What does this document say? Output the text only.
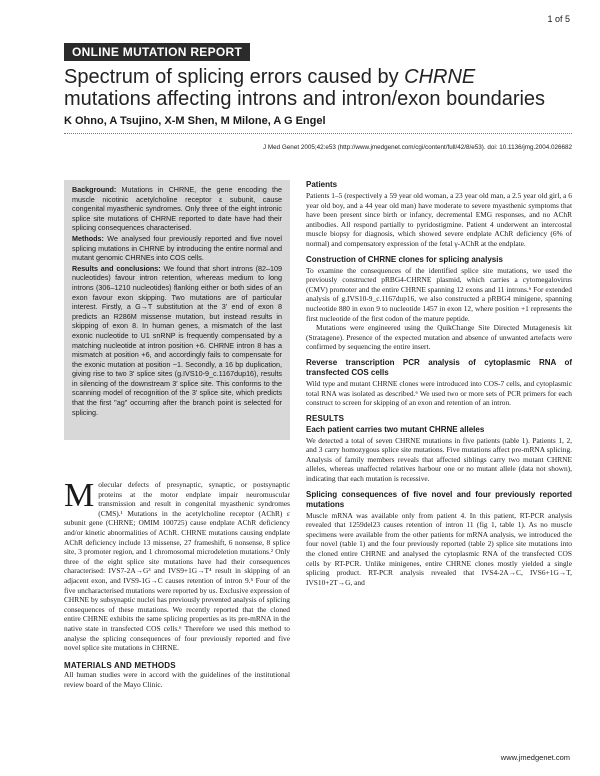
1 of 5
ONLINE MUTATION REPORT
Spectrum of splicing errors caused by CHRNE mutations affecting introns and intron/exon boundaries
K Ohno, A Tsujino, X-M Shen, M Milone, A G Engel
J Med Genet 2005;42:e53 (http://www.jmedgenet.com/cgi/content/full/42/8/e53). doi: 10.1136/jmg.2004.026682

Background: Mutations in CHRNE, the gene encoding the muscle nicotinic acetylcholine receptor ε subunit, cause congenital myasthenic syndromes. Only three of the eight intronic splice site mutations of CHRNE reported to date have had their splicing consequences characterised.

Methods: We analysed four previously reported and five novel splicing mutations in CHRNE by introducing the entire normal and mutant genomic CHRNEs into COS cells.

Results and conclusions: We found that short introns (82–109 nucleotides) favour intron retention, whereas medium to long introns (306–1210 nucleotides) flanking either or both sides of an exon favour exon skipping. Two mutations are of particular interest. Firstly, a G→T substitution at the 3′ end of exon 8 predicts an R286M missense mutation, but instead results in skipping of exon 8. In human genes, a mismatch of the last exonic nucleotide to U1 snRNP is frequently compensated by a matching nucleotide at intron position +6. CHRNE intron 8 has a mismatch at position +6, and accordingly fails to compensate for the exonic mutation at position −1. Secondly, a 16 bp duplication, giving rise to two 3′ splice sites (g.IVS10-9_c.1167dup16), results in silencing of the downstream 3′ splice site. This conforms to the scanning model of recognition of the 3′ splice site, which predicts that the first "ag" occurring after the branch point is selected for splicing.

Molecular defects of presynaptic, synaptic, or postsynaptic proteins at the motor endplate impair neuromuscular transmission and result in congenital myasthenic syndromes (CMS).¹ Mutations in the acetylcholine receptor (AChR) ε subunit gene (CHRNE; OMIM 100725) cause endplate AChR deficiency and/or kinetic abnormalities of AChR. CHRNE mutations causing endplate AChR deficiency include 13 missense, 27 frameshift, 6 nonsense, 8 splice site, 3 promoter region, and 1 chromosomal microdeletion mutations.² Only three of the eight splice site mutations have had their consequences characterised: IVS7-2A→G³ and IVS9+1G→T⁴ result in skipping of an adjacent exon, and IVS9-1G→C causes retention of intron 9.⁵ Four of the five uncharacterised mutations were reported by us. Exclusive expression of CHRNE by subsynaptic nuclei has previously prevented analysis of splicing consequences of these mutations. We recently reported that the cloned entire CHRNE exhibits the same splicing properties as its pre-mRNA in the native state in transfected COS cells.⁶ Therefore we used this method to analyse the splicing consequences of four previously reported and five novel splice site mutations in CHRNE.

MATERIALS AND METHODS

All human studies were in accord with the guidelines of the institutional review board of the Mayo Clinic.

Patients

Patients 1–5 (respectively a 59 year old woman, a 23 year old man, a 2.5 year old girl, a 6 year old boy, and a 44 year old man) have moderate to severe myasthenic symptoms that have been present since birth or infancy, decremental EMG responses, and no AChR antibodies. All respond partially to pyridostigmine. Patient 4 underwent an intercostal muscle biopsy for diagnosis, which showed severe endplate AChR deficiency (6% of normal) and compensatory expression of the fetal γ-AChR at the endplate.

Construction of CHRNE clones for splicing analysis

To examine the consequences of the identified splice site mutations, we used the previously constructed pRBG4-CHRNE plasmid, which carries a cytomegalovirus (CMV) promoter and the entire CHRNE spanning 12 exons and 11 introns.⁶ For extended analysis of g.IVS10-9_c.1167dup16, we also constructed a pRBG4 minigene, spanning nucleotide 880 in exon 9 to nucleotide 1457 in exon 12, where position +1 represents the first nucleotide of the first codon of the mature peptide.

Mutations were engineered using the QuikChange Site Directed Mutagenesis kit (Stratagene). Presence of the expected mutation and absence of unwanted artefacts were confirmed by sequencing the entire insert.

Reverse transcription PCR analysis of cytoplasmic RNA of transfected COS cells

Wild type and mutant CHRNE clones were introduced into COS-7 cells, and cytoplasmic total RNA was isolated as described.⁶ We used two or more sets of PCR primers for each construct to screen for skipping of an exon and retention of an intron.

RESULTS
Each patient carries two mutant CHRNE alleles

We detected a total of seven CHRNE mutations in five patients (table 1). Patients 1, 2, and 3 carry homozygous splice site mutations. Five mutations affect pre-mRNA splicing. Analysis of family members reveals that affected siblings carry two mutant CHRNE alleles, whereas unaffected relatives harbour one or no mutant allele (data not shown), indicating that each mutation is recessive.

Splicing consequences of five novel and four previously reported mutations

Muscle mRNA was available only from patient 4. In this patient, RT-PCR analysis revealed that 1259del23 causes retention of intron 11 (fig 1, table 1). As no muscle specimens were available from the other patients for mRNA analysis, we introduced the four novel (table 1) and the four previously reported (table 2) splice site mutations into the cloned entire CHRNE and analysed the cytoplasmic RNA of the transfected COS cells by RT-PCR. Unlike minigenes, entire CHRNE clones mostly yielded a single splicing product. RT-PCR analysis revealed that IVS4-2A→C, IVS6+1G→T, IVS10+2T→G, and

www.jmedgenet.com
